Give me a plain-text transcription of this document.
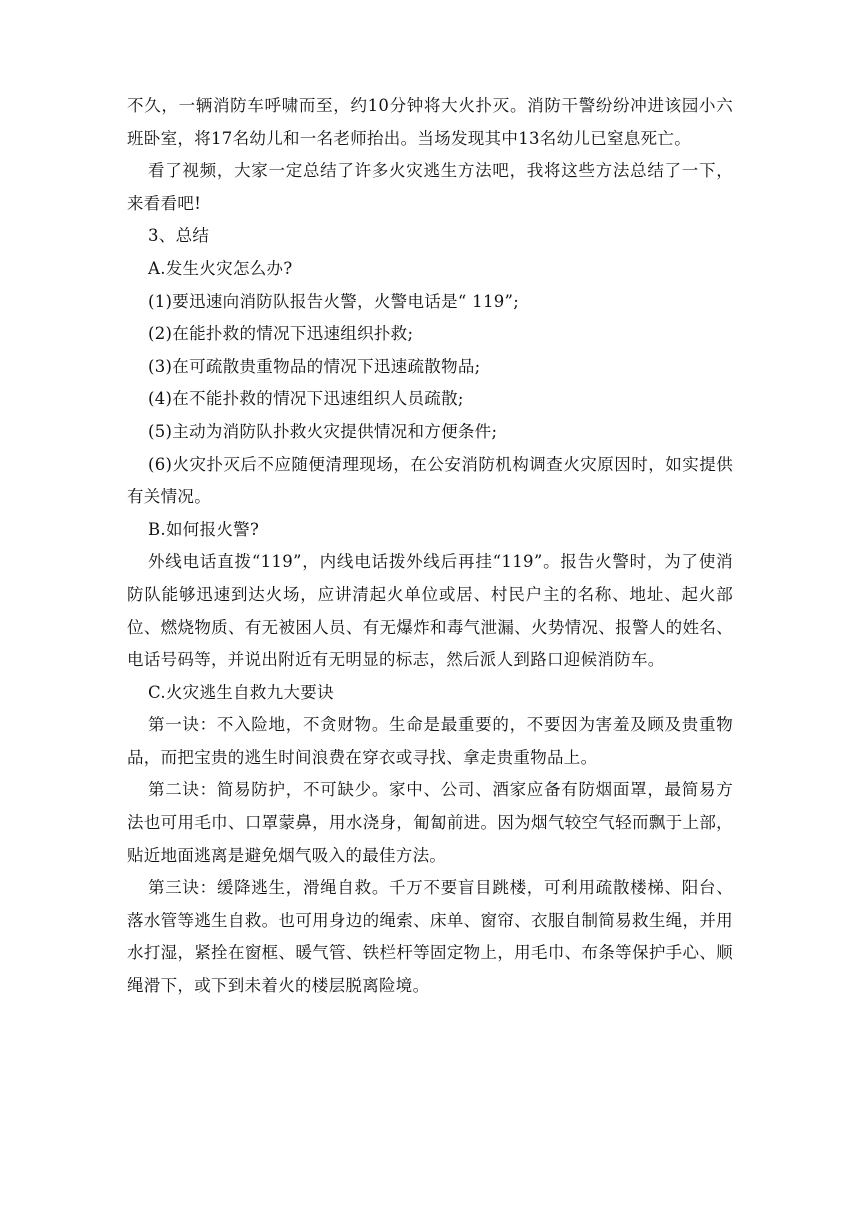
不久，一辆消防车呼啸而至，约10分钟将大火扑灭。消防干警纷纷冲进该园小六班卧室，将17名幼儿和一名老师抬出。当场发现其中13名幼儿已窒息死亡。

看了视频，大家一定总结了许多火灾逃生方法吧，我将这些方法总结了一下，来看看吧!

3、总结

A.发生火灾怎么办?

(1)要迅速向消防队报告火警，火警电话是“ 119”;

(2)在能扑救的情况下迅速组织扑救;

(3)在可疏散贵重物品的情况下迅速疏散物品;

(4)在不能扑救的情况下迅速组织人员疏散;

(5)主动为消防队扑救火灾提供情况和方便条件;

(6)火灾扑灭后不应随便清理现场，在公安消防机构调查火灾原因时，如实提供有关情况。

B.如何报火警?

外线电话直拨“119”，内线电话拨外线后再挂“119”。报告火警时，为了使消防队能够迅速到达火场，应讲清起火单位或居、村民户主的名称、地址、起火部位、燃烧物质、有无被困人员、有无爆炸和毒气泄漏、火势情况、报警人的姓名、电话号码等，并说出附近有无明显的标志，然后派人到路口迎候消防车。

C.火灾逃生自救九大要诀

第一诀：不入险地，不贪财物。生命是最重要的，不要因为害羞及顾及贵重物品，而把宝贵的逃生时间浪费在穿衣或寻找、拿走贵重物品上。

第二诀：简易防护，不可缺少。家中、公司、酒家应备有防烟面罩，最简易方法也可用毛巾、口罩蒙鼻，用水浇身，匍匐前进。因为烟气较空气轻而飘于上部，贴近地面逃离是避免烟气吸入的最佳方法。

第三诀：缓降逃生，滑绳自救。千万不要盲目跳楼，可利用疏散楼梯、阳台、落水管等逃生自救。也可用身边的绳索、床单、窗帘、衣服自制简易救生绳，并用水打湿，紧拴在窗框、暖气管、铁栏杆等固定物上，用毛巾、布条等保护手心、顺绳滑下，或下到未着火的楼层脱离险境。
